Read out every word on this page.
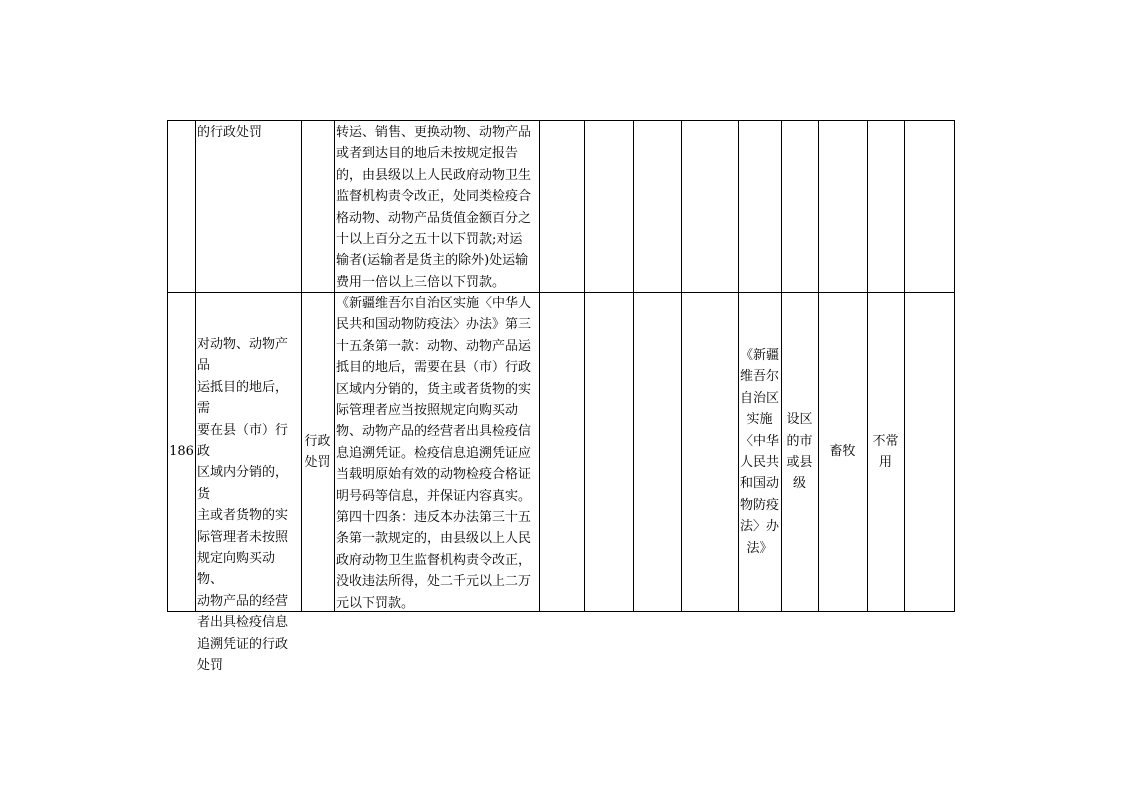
的行政处罚	转运、销售、更换动物、动物产品
或者到达目的地后未按规定报告
的，由县级以上人民政府动物卫生
监督机构责令改正，处同类检疫合
格动物、动物产品货值金额百分之
十以上百分之五十以下罚款;对运
输者(运输者是货主的除外)处运输
费用一倍以上三倍以下罚款。
186
对动物、动物产品
运抵目的地后，需
要在县（市）行政
区域内分销的，货
主或者货物的实
际管理者未按照
规定向购买动物、
动物产品的经营
者出具检疫信息
追溯凭证的行政
处罚
行政
处罚
《新疆维吾尔自治区实施〈中华人
民共和国动物防疫法〉办法》第三
十五条第一款：动物、动物产品运
抵目的地后，需要在县（市）行政
区域内分销的，货主或者货物的实
际管理者应当按照规定向购买动
物、动物产品的经营者出具检疫信
息追溯凭证。检疫信息追溯凭证应
当载明原始有效的动物检疫合格证
明号码等信息，并保证内容真实。
第四十四条：违反本办法第三十五
条第一款规定的，由县级以上人民
政府动物卫生监督机构责令改正，
没收违法所得，处二千元以上二万
元以下罚款。
《新疆
维吾尔
自治区
实施
〈中华
人民共
和国动
物防疫
法〉办
法》
设区
的市
或县
级
畜牧
不常
用
